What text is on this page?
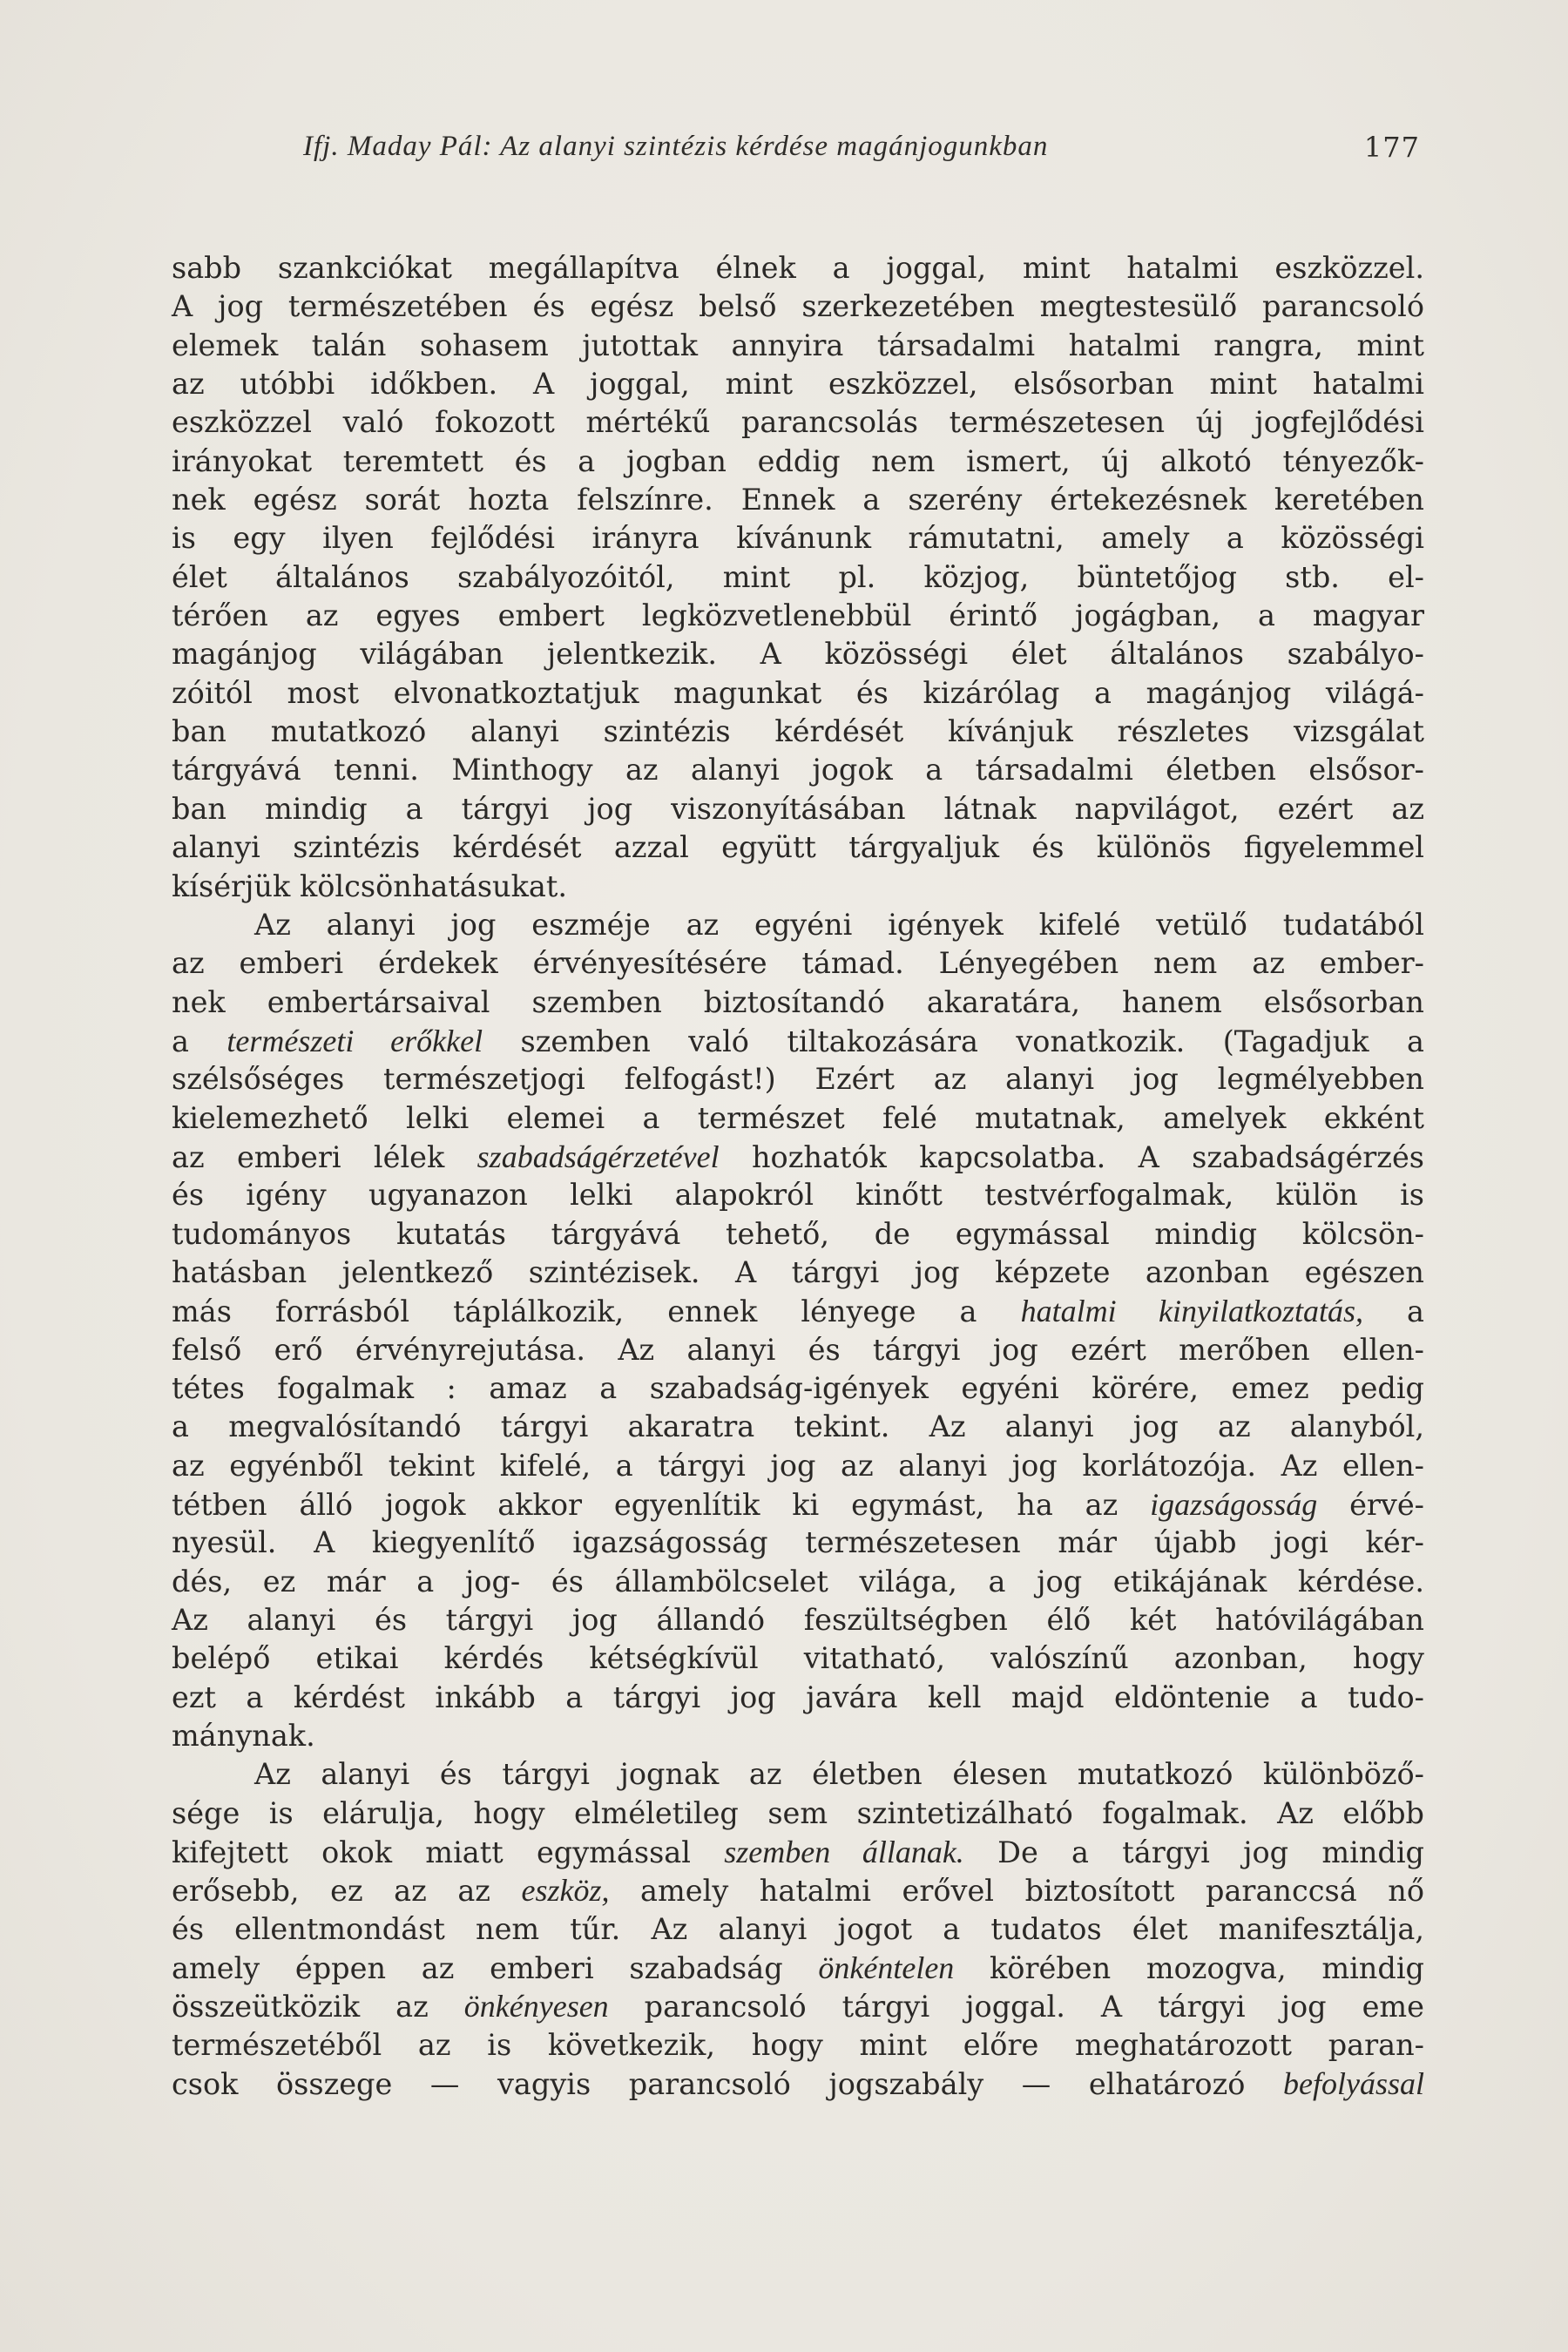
Ifj. Maday Pál: Az alanyi szintézis kérdése magánjogunkban	177
sabb szankciókat megállapítva élnek a joggal, mint hatalmi eszközzel.
A jog természetében és egész belső szerkezetében megtestesülő parancsoló
elemek talán sohasem jutottak annyira társadalmi hatalmi rangra, mint
az utóbbi időkben. A joggal, mint eszközzel, elsősorban mint hatalmi
eszközzel való fokozott mértékű parancsolás természetesen új jogfejlődési
irányokat teremtett és a jogban eddig nem ismert, új alkotó tényezők-
nek egész sorát hozta felszínre. Ennek a szerény értekezésnek keretében
is egy ilyen fejlődési irányra kívánunk rámutatni, amely a közösségi
élet általános szabályozóitól, mint pl. közjog, büntetőjog stb. el-
térően az egyes embert legközvetlenebbül érintő jogágban, a magyar
magánjog világában jelentkezik. A közösségi élet általános szabályo-
zóitól most elvonatkoztatjuk magunkat és kizárólag a magánjog világá-
ban mutatkozó alanyi szintézis kérdését kívánjuk részletes vizsgálat
tárgyává tenni. Minthogy az alanyi jogok a társadalmi életben elsősor-
ban mindig a tárgyi jog viszonyításában látnak napvilágot, ezért az
alanyi szintézis kérdését azzal együtt tárgyaljuk és különös figyelemmel
kísérjük kölcsönhatásukat.
Az alanyi jog eszméje az egyéni igények kifelé vetülő tudatából
az emberi érdekek érvényesítésére támad. Lényegében nem az ember-
nek embertársaival szemben biztosítandó akaratára, hanem elsősorban
a természeti erőkkel szemben való tiltakozására vonatkozik. (Tagadjuk a
szélsőséges természetjogi felfogást!) Ezért az alanyi jog legmélyebben
kielemezhető lelki elemei a természet felé mutatnak, amelyek ekként
az emberi lélek szabadságérzetével hozhatók kapcsolatba. A szabadságérzés
és igény ugyanazon lelki alapokról kinőtt testvérfogalmak, külön is
tudományos kutatás tárgyává tehető, de egymással mindig kölcsön-
hatásban jelentkező szintézisek. A tárgyi jog képzete azonban egészen
más forrásból táplálkozik, ennek lényege a hatalmi kinyilatkoztatás, a
felső erő érvényrejutása. Az alanyi és tárgyi jog ezért merőben ellen-
tétes fogalmak : amaz a szabadság-igények egyéni körére, emez pedig
a megvalósítandó tárgyi akaratra tekint. Az alanyi jog az alanyból,
az egyénből tekint kifelé, a tárgyi jog az alanyi jog korlátozója. Az ellen-
tétben álló jogok akkor egyenlítik ki egymást, ha az igazságosság érvé-
nyesül. A kiegyenlítő igazságosság természetesen már újabb jogi kér-
dés, ez már a jog- és állambölcselet világa, a jog etikájának kérdése.
Az alanyi és tárgyi jog állandó feszültségben élő két hatóvilágában
belépő etikai kérdés kétségkívül vitatható, valószínű azonban, hogy
ezt a kérdést inkább a tárgyi jog javára kell majd eldöntenie a tudo-
mánynak.
Az alanyi és tárgyi jognak az életben élesen mutatkozó különböző-
sége is elárulja, hogy elméletileg sem szintetizálható fogalmak. Az előbb
kifejtett okok miatt egymással szemben állanak. De a tárgyi jog mindig
erősebb, ez az az eszköz, amely hatalmi erővel biztosított paranccsá nő
és ellentmondást nem tűr. Az alanyi jogot a tudatos élet manifesztálja,
amely éppen az emberi szabadság önkéntelen körében mozogva, mindig
összeütközik az önkényesen parancsoló tárgyi joggal. A tárgyi jog eme
természetéből az is következik, hogy mint előre meghatározott paran-
csok összege — vagyis parancsoló jogszabály — elhatározó befolyással
